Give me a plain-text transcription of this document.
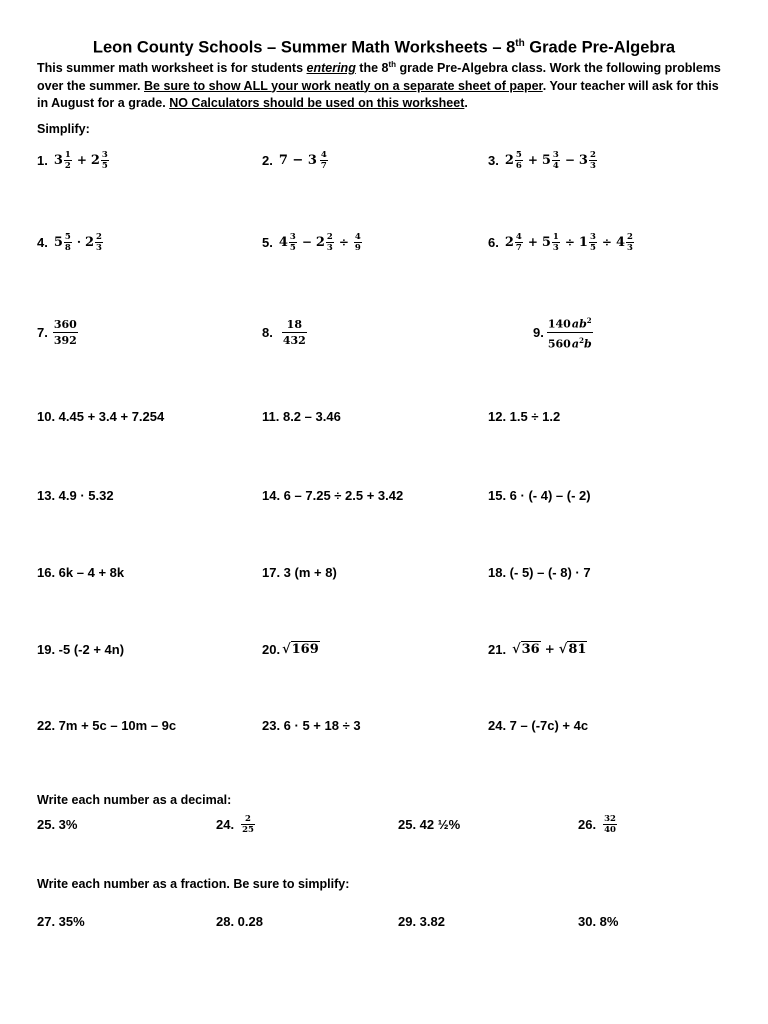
Leon County Schools – Summer Math Worksheets – 8th Grade Pre-Algebra

This summer math worksheet is for students entering the 8th grade Pre-Algebra class. Work the following problems

over the summer. Be sure to show ALL your work neatly on a separate sheet of paper. Your teacher will ask for this

in August for a grade. NO Calculators should be used on this worksheet.

Simplify:
1. $3 \frac{1}{2} + 2 \frac{3}{5}$	2. $7 - 3 \frac{4}{7}$	3. $2 \frac{5}{6} + 5 \frac{3}{4} - 3 \frac{2}{3}$
4. $5 \frac{5}{8} \cdot 2 \frac{2}{3}$	5. $4 \frac{3}{5} - 2 \frac{2}{3} \div \frac{4}{9}$	6. $2 \frac{4}{7} + 5 \frac{1}{3} \div 1 \frac{3}{5} \div 4 \frac{2}{3}$
7. $\frac{360}{392}$	8. $\frac{18}{432}$	9. $\frac{140 ab^2}{560 a^2b}$
10. 4.45 + 3.4 + 7.254	11. 8.2 – 3.46	12. 1.5 ÷ 1.2
13. 4.9 · 5.32	14. 6 – 7.25 ÷ 2.5 + 3.42	15. 6 · (- 4) – (- 2)
16. 6k – 4 + 8k	17. 3 (m + 8)	18. (- 5) – (- 8) · 7
19. -5 (-2 + 4n)	20. √169	21. √36 + √81
22. 7m + 5c – 10m – 9c	23. 6 · 5 + 18 ÷ 3	24. 7 – (-7c) + 4c
Write each number as a decimal:
25. 3%	24. $\frac{2}{25}$	25. 42 ½%	26. $\frac{32}{40}$
Write each number as a fraction. Be sure to simplify:
27. 35%	28. 0.28	29. 3.82	30. 8%
